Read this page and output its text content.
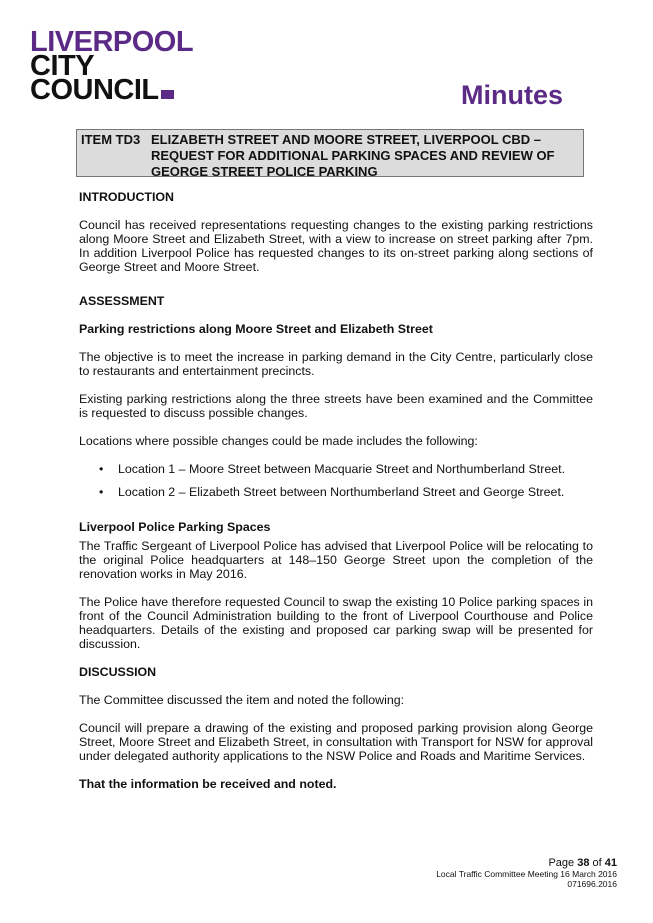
LIVERPOOL
CITY
COUNCIL	Minutes
ITEM TD3 ELIZABETH STREET AND MOORE STREET, LIVERPOOL CBD – REQUEST FOR ADDITIONAL PARKING SPACES AND REVIEW OF GEORGE STREET POLICE PARKING

INTRODUCTION

Council has received representations requesting changes to the existing parking restrictions along Moore Street and Elizabeth Street, with a view to increase on street parking after 7pm. In addition Liverpool Police has requested changes to its on-street parking along sections of George Street and Moore Street.

ASSESSMENT

Parking restrictions along Moore Street and Elizabeth Street

The objective is to meet the increase in parking demand in the City Centre, particularly close to restaurants and entertainment precincts.

Existing parking restrictions along the three streets have been examined and the Committee is requested to discuss possible changes.

Locations where possible changes could be made includes the following:

• Location 1 – Moore Street between Macquarie Street and Northumberland Street.
• Location 2 – Elizabeth Street between Northumberland Street and George Street.

Liverpool Police Parking Spaces

The Traffic Sergeant of Liverpool Police has advised that Liverpool Police will be relocating to the original Police headquarters at 148–150 George Street upon the completion of the renovation works in May 2016.

The Police have therefore requested Council to swap the existing 10 Police parking spaces in front of the Council Administration building to the front of Liverpool Courthouse and Police headquarters. Details of the existing and proposed car parking swap will be presented for discussion.

DISCUSSION

The Committee discussed the item and noted the following:

Council will prepare a drawing of the existing and proposed parking provision along George Street, Moore Street and Elizabeth Street, in consultation with Transport for NSW for approval under delegated authority applications to the NSW Police and Roads and Maritime Services.

That the information be received and noted.

Page 38 of 41
Local Traffic Committee Meeting 16 March 2016
071696.2016
